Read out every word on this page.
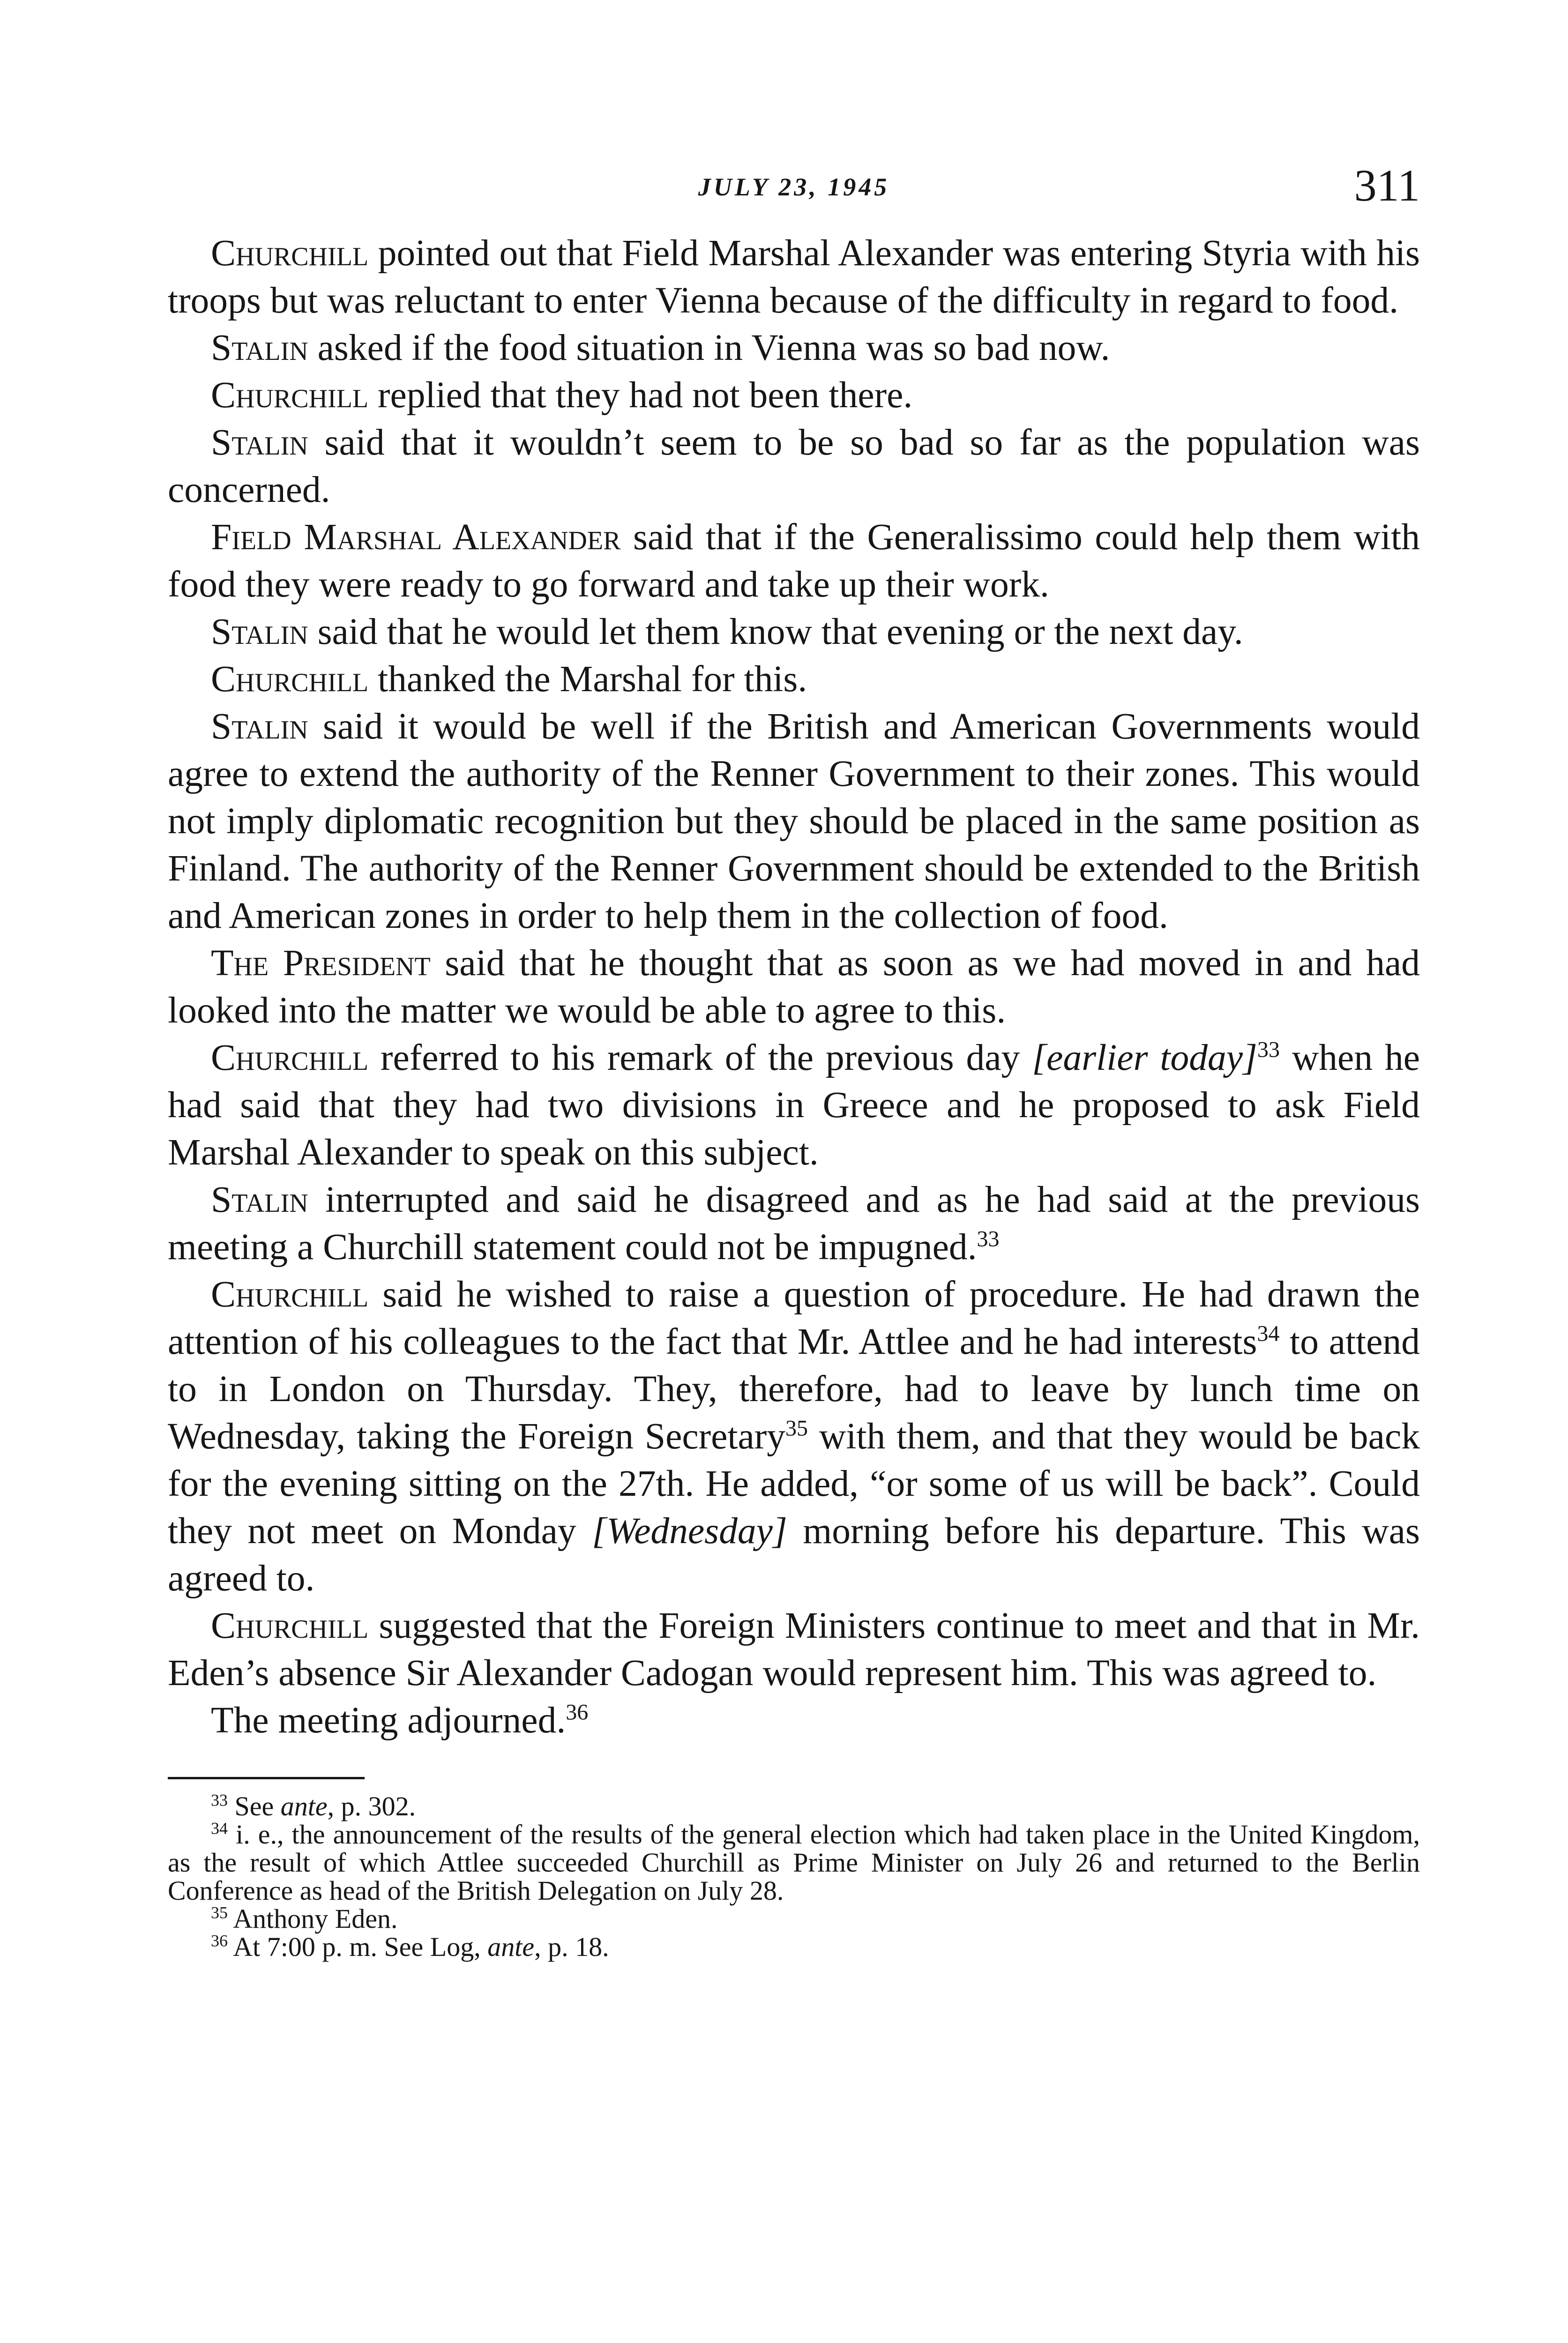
JULY 23, 1945	311

Churchill pointed out that Field Marshal Alexander was entering Styria with his troops but was reluctant to enter Vienna because of the difficulty in regard to food.

Stalin asked if the food situation in Vienna was so bad now.

Churchill replied that they had not been there.

Stalin said that it wouldn’t seem to be so bad so far as the population was concerned.

Field Marshal Alexander said that if the Generalissimo could help them with food they were ready to go forward and take up their work.

Stalin said that he would let them know that evening or the next day.

Churchill thanked the Marshal for this.

Stalin said it would be well if the British and American Governments would agree to extend the authority of the Renner Government to their zones. This would not imply diplomatic recognition but they should be placed in the same position as Finland. The authority of the Renner Government should be extended to the British and American zones in order to help them in the collection of food.

The President said that he thought that as soon as we had moved in and had looked into the matter we would be able to agree to this.

Churchill referred to his remark of the previous day [earlier today]$^{33}$ when he had said that they had two divisions in Greece and he proposed to ask Field Marshal Alexander to speak on this subject.

Stalin interrupted and said he disagreed and as he had said at the previous meeting a Churchill statement could not be impugned.$^{33}$

Churchill said he wished to raise a question of procedure. He had drawn the attention of his colleagues to the fact that Mr. Attlee and he had interests$^{34}$ to attend to in London on Thursday. They, therefore, had to leave by lunch time on Wednesday, taking the Foreign Secretary$^{35}$ with them, and that they would be back for the evening sitting on the 27th. He added, “or some of us will be back”. Could they not meet on Monday [Wednesday] morning before his departure. This was agreed to.

Churchill suggested that the Foreign Ministers continue to meet and that in Mr. Eden’s absence Sir Alexander Cadogan would represent him. This was agreed to.

The meeting adjourned.$^{36}$

$^{33}$ See ante, p. 302.

$^{34}$ i. e., the announcement of the results of the general election which had taken place in the United Kingdom, as the result of which Attlee succeeded Churchill as Prime Minister on July 26 and returned to the Berlin Conference as head of the British Delegation on July 28.

$^{35}$ Anthony Eden.

$^{36}$ At 7:00 p. m. See Log, ante, p. 18.
